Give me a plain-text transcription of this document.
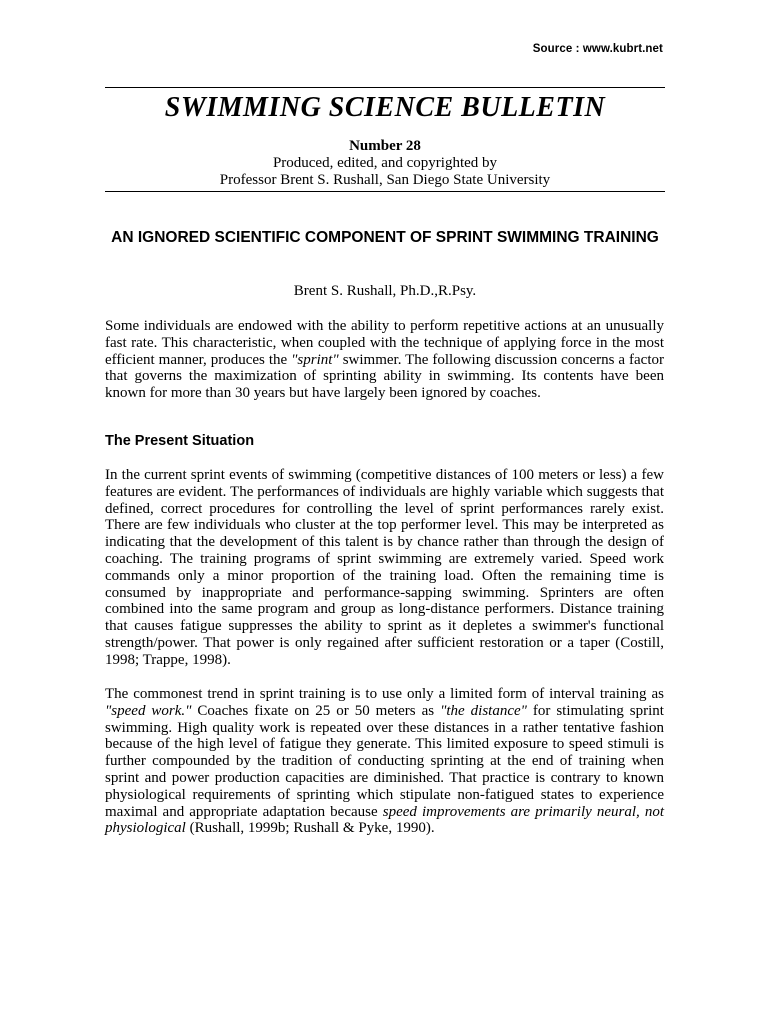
Source : www.kubrt.net
SWIMMING SCIENCE BULLETIN
Number 28
Produced, edited, and copyrighted by
Professor Brent S. Rushall, San Diego State University
AN IGNORED SCIENTIFIC COMPONENT OF SPRINT SWIMMING TRAINING
Brent S. Rushall, Ph.D.,R.Psy.
Some individuals are endowed with the ability to perform repetitive actions at an unusually fast rate. This characteristic, when coupled with the technique of applying force in the most efficient manner, produces the "sprint" swimmer. The following discussion concerns a factor that governs the maximization of sprinting ability in swimming. Its contents have been known for more than 30 years but have largely been ignored by coaches.
The Present Situation
In the current sprint events of swimming (competitive distances of 100 meters or less) a few features are evident. The performances of individuals are highly variable which suggests that defined, correct procedures for controlling the level of sprint performances rarely exist. There are few individuals who cluster at the top performer level. This may be interpreted as indicating that the development of this talent is by chance rather than through the design of coaching. The training programs of sprint swimming are extremely varied. Speed work commands only a minor proportion of the training load. Often the remaining time is consumed by inappropriate and performance-sapping swimming. Sprinters are often combined into the same program and group as long-distance performers. Distance training that causes fatigue suppresses the ability to sprint as it depletes a swimmer's functional strength/power. That power is only regained after sufficient restoration or a taper (Costill, 1998; Trappe, 1998).
The commonest trend in sprint training is to use only a limited form of interval training as "speed work." Coaches fixate on 25 or 50 meters as "the distance" for stimulating sprint swimming. High quality work is repeated over these distances in a rather tentative fashion because of the high level of fatigue they generate. This limited exposure to speed stimuli is further compounded by the tradition of conducting sprinting at the end of training when sprint and power production capacities are diminished. That practice is contrary to known physiological requirements of sprinting which stipulate non-fatigued states to experience maximal and appropriate adaptation because speed improvements are primarily neural, not physiological (Rushall, 1999b; Rushall & Pyke, 1990).
